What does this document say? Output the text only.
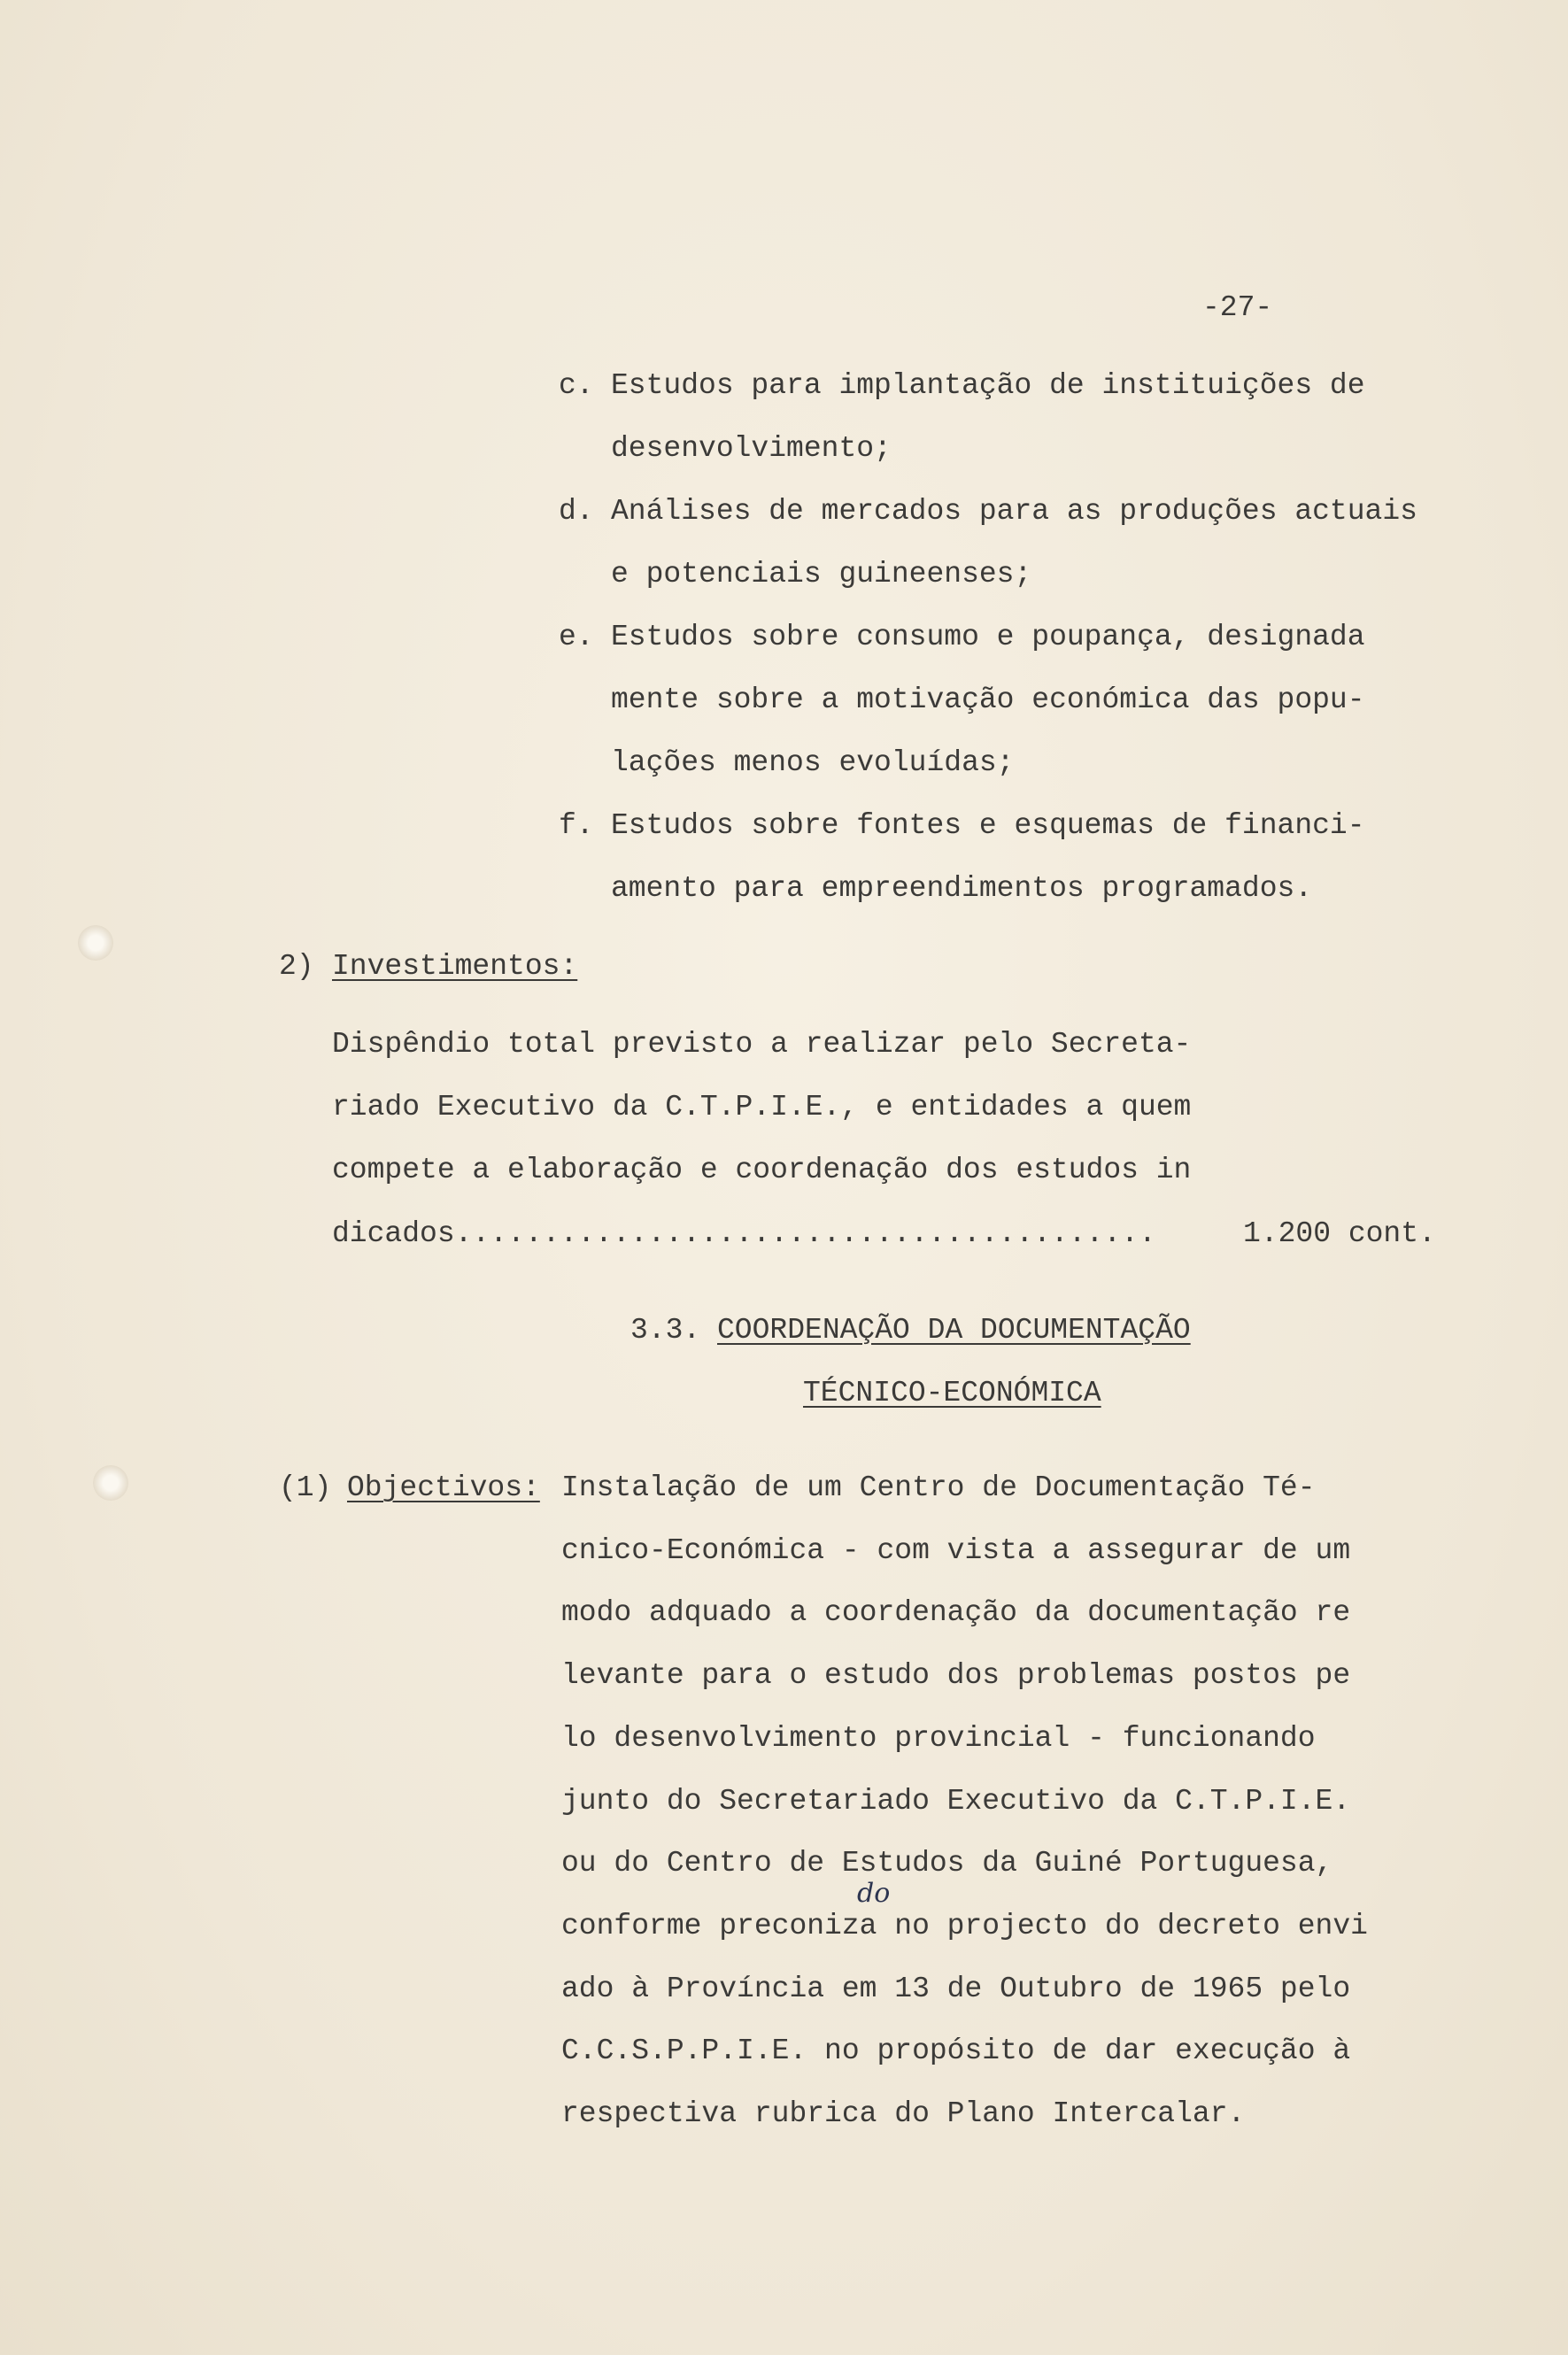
-27-
c. Estudos para implantação de instituições de
desenvolvimento;
d. Análises de mercados para as produções actuais
e potenciais guineenses;
e. Estudos sobre consumo e poupança, designada
mente sobre a motivação económica das popu-
lações menos evoluídas;
f. Estudos sobre fontes e esquemas de financi-
amento para empreendimentos programados.
2) Investimentos:
Dispêndio total previsto a realizar pelo Secreta-
riado Executivo da C.T.P.I.E., e entidades a quem
compete a elaboração e coordenação dos estudos in
dicados........................................	1.200 cont.
3.3. COORDENAÇÃO DA DOCUMENTAÇÃO
TÉCNICO-ECONÓMICA
(1) Objectivos: Instalação de um Centro de Documentação Té-
cnico-Económica - com vista a assegurar de um
modo adquado a coordenação da documentação re
levante para o estudo dos problemas postos pe
lo desenvolvimento provincial - funcionando
junto do Secretariado Executivo da C.T.P.I.E.
ou do Centro de Estudos da Guiné Portuguesa,
conforme preconiza no projecto do decreto envi
ado à Província em 13 de Outubro de 1965 pelo
C.C.S.P.P.I.E. no propósito de dar execução à
respectiva rubrica do Plano Intercalar.
do
